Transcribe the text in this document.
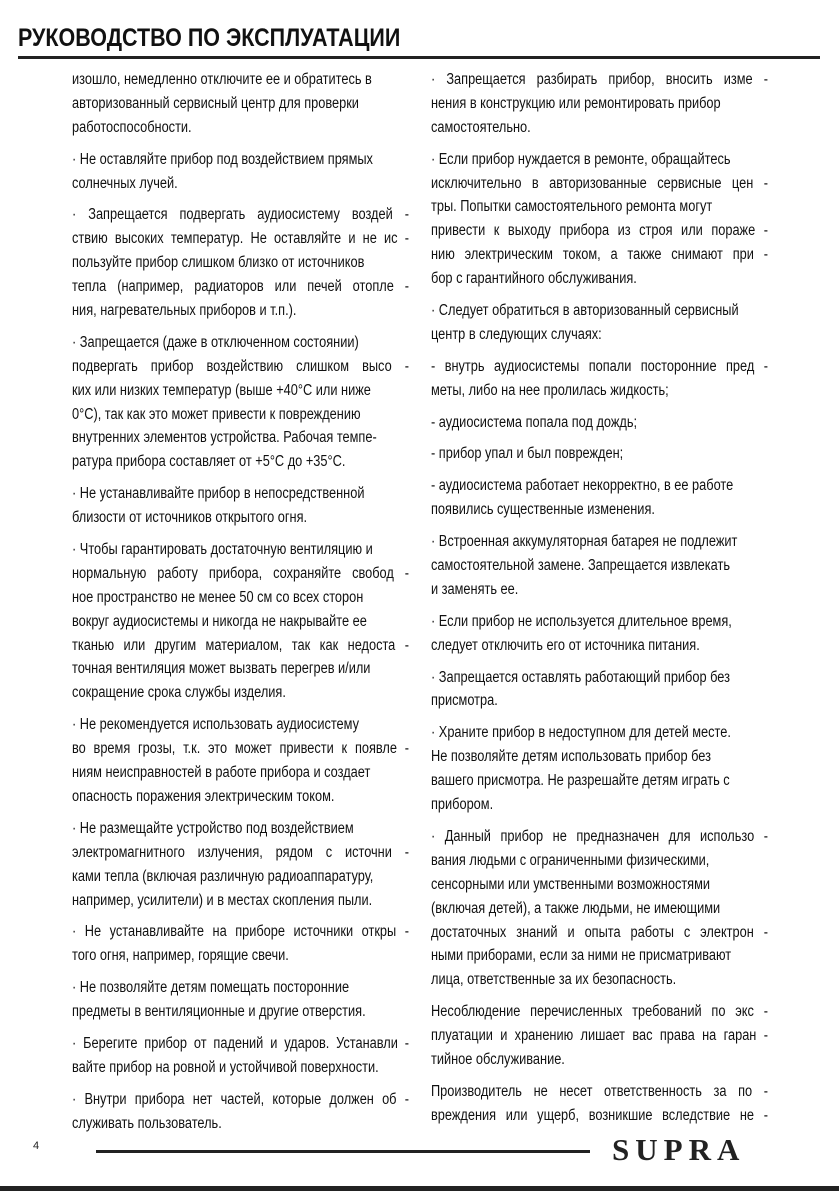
РУКОВОДСТВО ПО ЭКСПЛУАТАЦИИ
изошло, немедленно отключите ее и обратитесь в
авторизованный сервисный центр для проверки
работоспособности.
· Не оставляйте прибор под воздействием прямых
солнечных лучей.
· Запрещается подвергать аудиосистему воздей -
ствию высоких температур. Не оставляйте и не ис -
пользуйте прибор слишком близко от источников
тепла (например, радиаторов или печей отопле -
ния, нагревательных приборов и т.п.).
· Запрещается (даже в отключенном состоянии)
подвергать прибор воздействию слишком высо -
ких или низких температур (выше +40°С или ниже
0°С), так как это может привести к повреждению
внутренних элементов устройства. Рабочая темпе-
ратура прибора составляет от +5°С до +35°С.
· Не устанавливайте прибор в непосредственной
близости от источников открытого огня.
· Чтобы гарантировать достаточную вентиляцию и
нормальную работу прибора, сохраняйте свобод -
ное пространство не менее 50 см со всех сторон
вокруг аудиосистемы и никогда не накрывайте ее
тканью или другим материалом, так как недоста -
точная вентиляция может вызвать перегрев и/или
сокращение срока службы изделия.
· Не рекомендуется использовать аудиосистему
во время грозы, т.к. это может привести к появле -
ниям неисправностей в работе прибора и создает
опасность поражения электрическим током.
· Не размещайте устройство под воздействием
электромагнитного излучения, рядом с источни -
ками тепла (включая различную радиоаппаратуру,
например, усилители) и в местах скопления пыли.
· Не устанавливайте на приборе источники откры -
того огня, например, горящие свечи.
· Не позволяйте детям помещать посторонние
предметы в вентиляционные и другие отверстия.
· Берегите прибор от падений и ударов. Устанавли -
вайте прибор на ровной и устойчивой поверхности.
· Внутри прибора нет частей, которые должен об -
служивать пользователь.
· Запрещается разбирать прибор, вносить изме -
нения в конструкцию или ремонтировать прибор
самостоятельно.
· Если прибор нуждается в ремонте, обращайтесь
исключительно в авторизованные сервисные цен -
тры. Попытки самостоятельного ремонта могут
привести к выходу прибора из строя или пораже -
нию электрическим током, а также снимают при -
бор с гарантийного обслуживания.
· Следует обратиться в авторизованный сервисный
центр в следующих случаях:
- внутрь аудиосистемы попали посторонние пред -
меты, либо на нее пролилась жидкость;
- аудиосистема попала под дождь;
- прибор упал и был поврежден;
- аудиосистема работает некорректно, в ее работе
появились существенные изменения.
· Встроенная аккумуляторная батарея не подлежит
самостоятельной замене. Запрещается извлекать
и заменять ее.
· Если прибор не используется длительное время,
следует отключить его от источника питания.
· Запрещается оставлять работающий прибор без
присмотра.
· Храните прибор в недоступном для детей месте.
Не позволяйте детям использовать прибор без
вашего присмотра. Не разрешайте детям играть с
прибором.
· Данный прибор не предназначен для использо -
вания людьми с ограниченными физическими,
сенсорными или умственными возможностями
(включая детей), а также людьми, не имеющими
достаточных знаний и опыта работы с электрон -
ными приборами, если за ними не присматривают
лица, ответственные за их безопасность.
Несоблюдение перечисленных требований по экс -
плуатации и хранению лишает вас права на гаран -
тийное обслуживание.
Производитель не несет ответственность за по -
вреждения или ущерб, возникшие вследствие не -
4	SUPRA
